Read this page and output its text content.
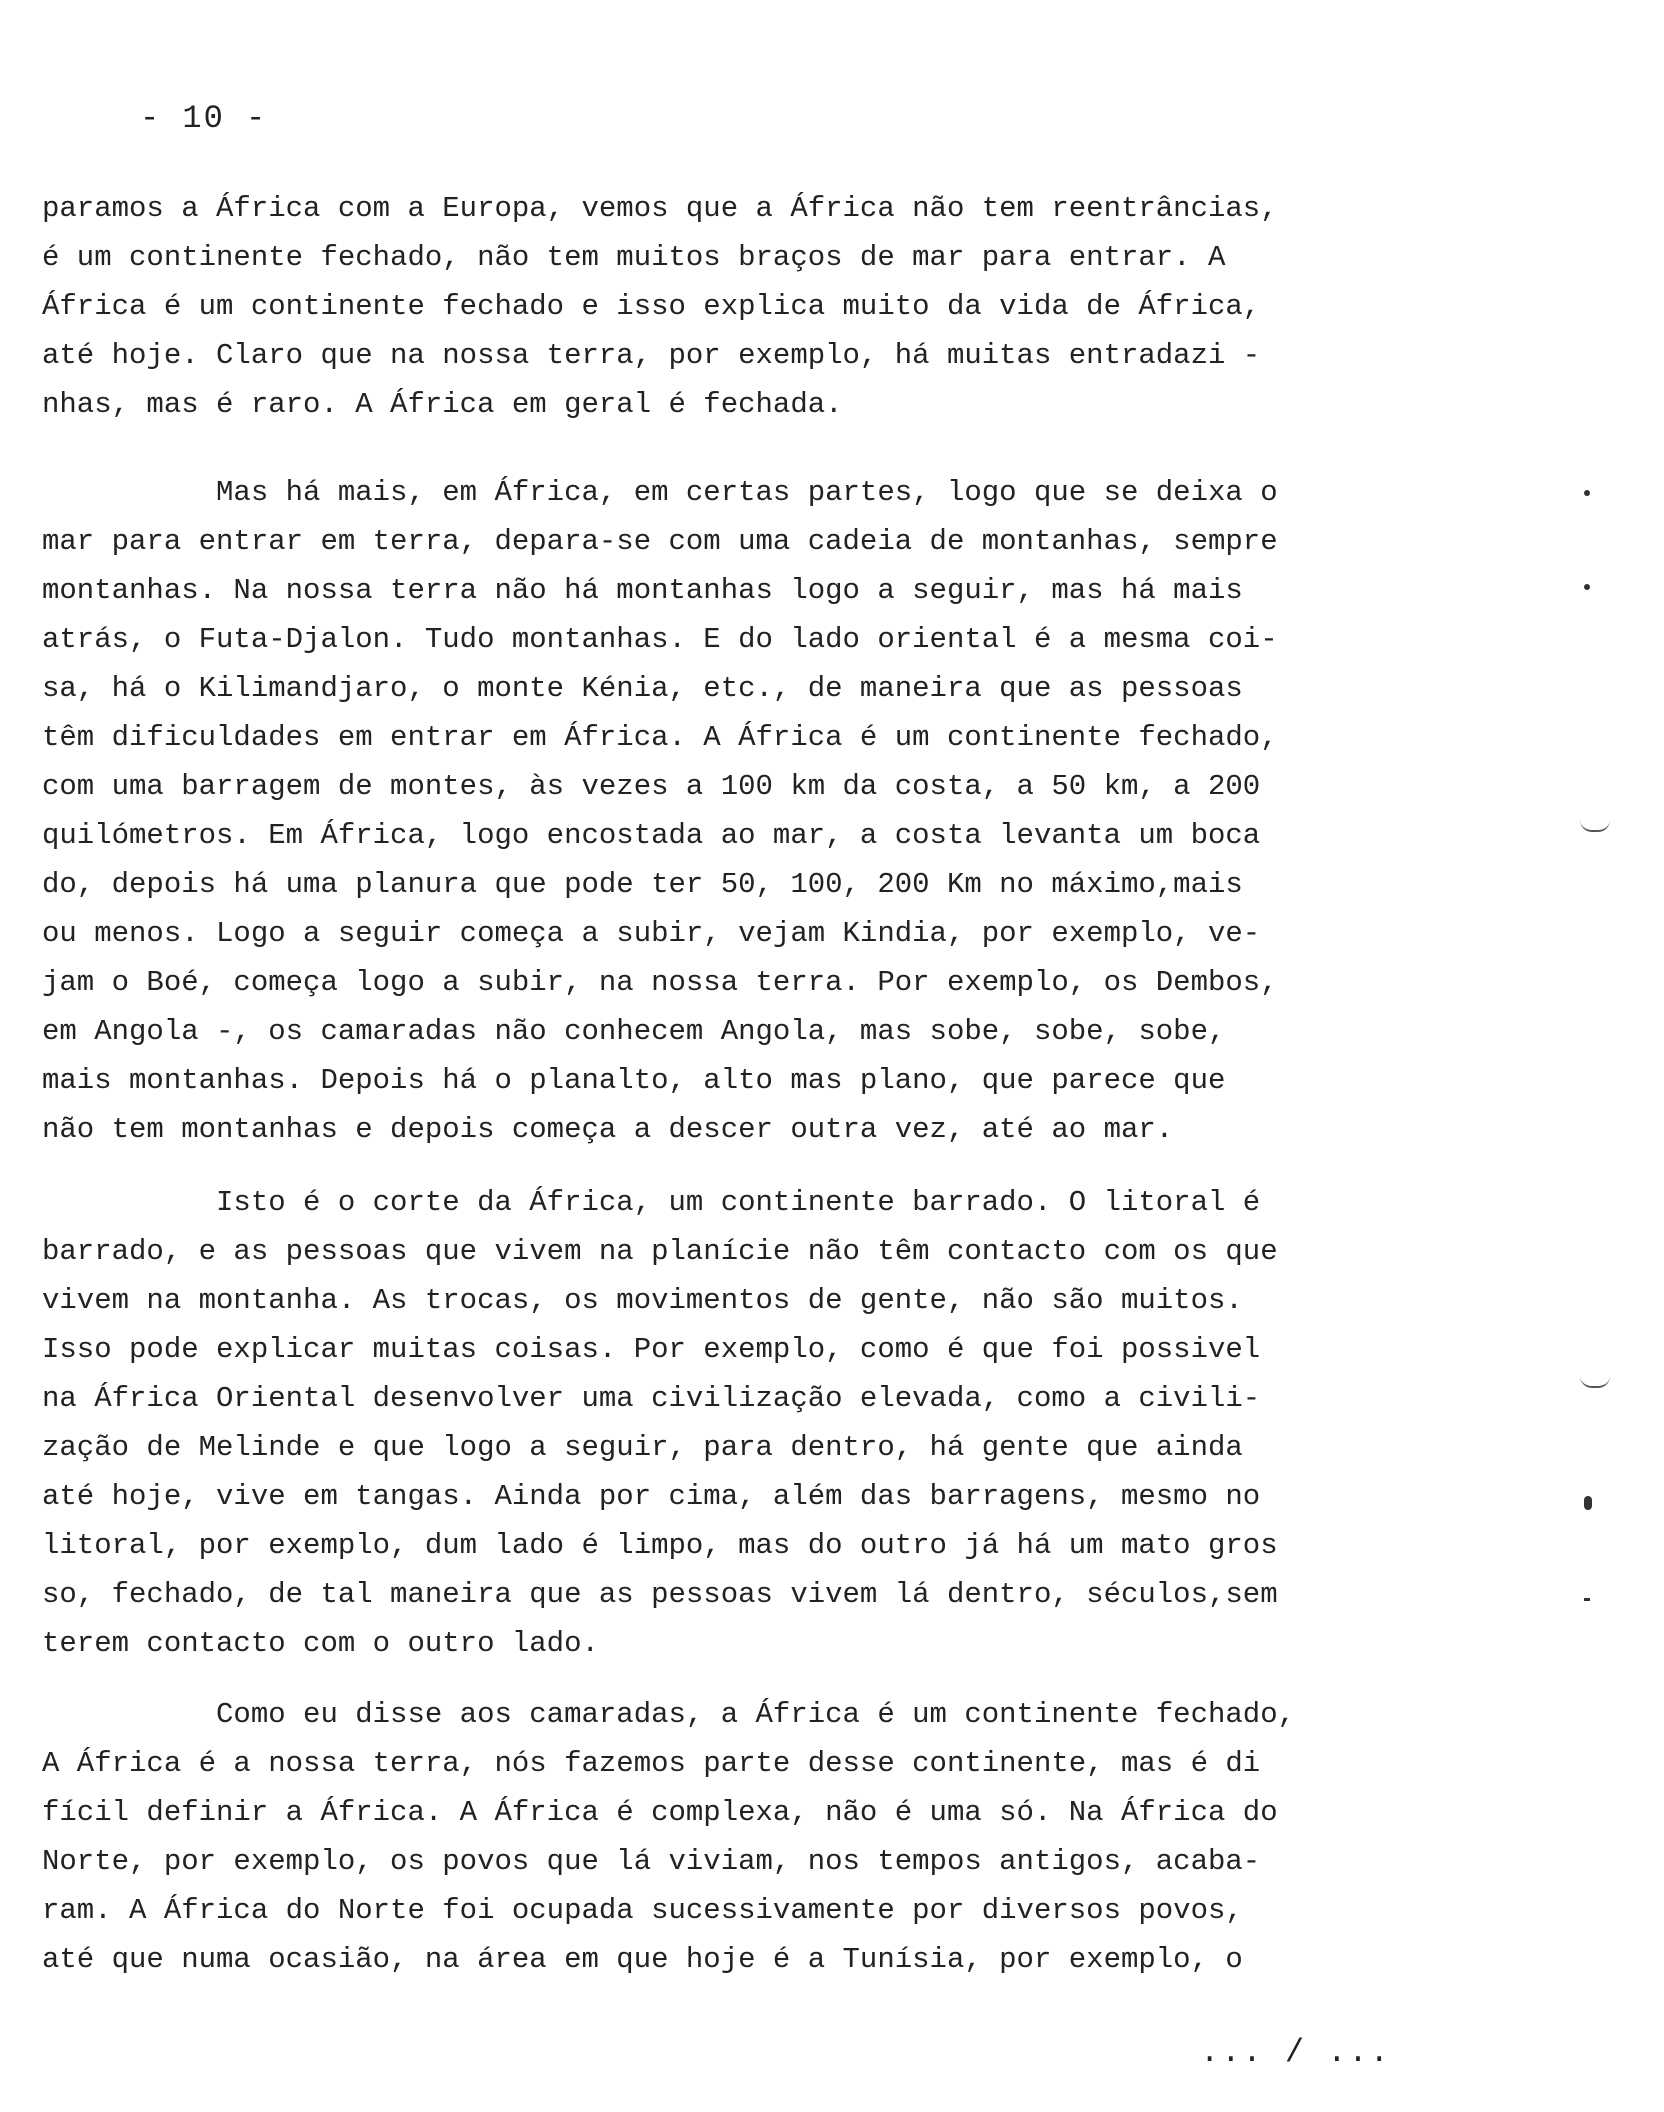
- 10 -
paramos a África com a Europa, vemos que a África não tem reentrâncias,
é um continente fechado, não tem muitos braços de mar para entrar. A
África é um continente fechado e isso explica muito da vida de África,
até hoje. Claro que na nossa terra, por exemplo, há muitas entradazi -
nhas, mas é raro. A África em geral é fechada.
Mas há mais, em África, em certas partes, logo que se deixa o
mar para entrar em terra, depara-se com uma cadeia de montanhas, sempre
montanhas. Na nossa terra não há montanhas logo a seguir, mas há mais
atrás, o Futa-Djalon. Tudo montanhas. E do lado oriental é a mesma coi-
sa, há o Kilimandjaro, o monte Kénia, etc., de maneira que as pessoas
têm dificuldades em entrar em África. A África é um continente fechado,
com uma barragem de montes, às vezes a 100 km da costa, a 50 km, a 200
quilómetros. Em África, logo encostada ao mar, a costa levanta um boca
do, depois há uma planura que pode ter 50, 100, 200 Km no máximo,mais
ou menos. Logo a seguir começa a subir, vejam Kindia, por exemplo, ve-
jam o Boé, começa logo a subir, na nossa terra. Por exemplo, os Dembos,
em Angola -, os camaradas não conhecem Angola, mas sobe, sobe, sobe,
mais montanhas. Depois há o planalto, alto mas plano, que parece que
não tem montanhas e depois começa a descer outra vez, até ao mar.
Isto é o corte da África, um continente barrado. O litoral é
barrado, e as pessoas que vivem na planície não têm contacto com os que
vivem na montanha. As trocas, os movimentos de gente, não são muitos.
Isso pode explicar muitas coisas. Por exemplo, como é que foi possivel
na África Oriental desenvolver uma civilização elevada, como a civili-
zação de Melinde e que logo a seguir, para dentro, há gente que ainda
até hoje, vive em tangas. Ainda por cima, além das barragens, mesmo no
litoral, por exemplo, dum lado é limpo, mas do outro já há um mato gros
so, fechado, de tal maneira que as pessoas vivem lá dentro, séculos,sem
terem contacto com o outro lado.
Como eu disse aos camaradas, a África é um continente fechado,
A África é a nossa terra, nós fazemos parte desse continente, mas é di
fícil definir a África. A África é complexa, não é uma só. Na África do
Norte, por exemplo, os povos que lá viviam, nos tempos antigos, acaba-
ram. A África do Norte foi ocupada sucessivamente por diversos povos,
até que numa ocasião, na área em que hoje é a Tunísia, por exemplo, o
... / ...
